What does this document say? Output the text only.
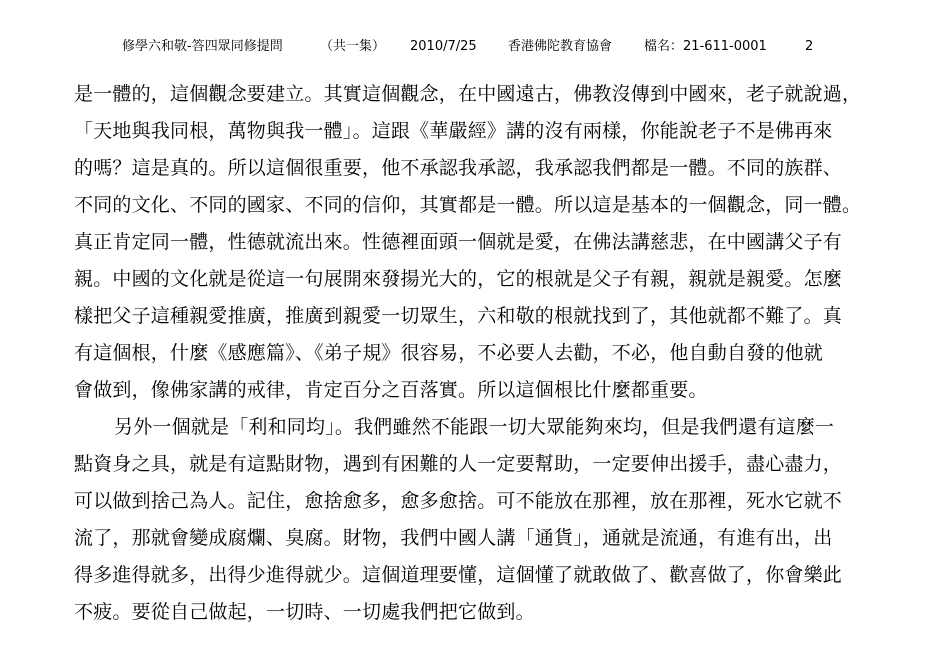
修學六和敬-答四眾同修提問	（共一集） 2010/7/25 香港佛陀教育協會 檔名：21-611-0001	2
是一體的，這個觀念要建立。其實這個觀念，在中國遠古，佛教沒傳到中國來，老子就說過，
「天地與我同根，萬物與我一體」。這跟《華嚴經》講的沒有兩樣，你能說老子不是佛再來
的嗎？這是真的。所以這個很重要，他不承認我承認，我承認我們都是一體。不同的族群、
不同的文化、不同的國家、不同的信仰，其實都是一體。所以這是基本的一個觀念，同一體。
真正肯定同一體，性德就流出來。性德裡面頭一個就是愛，在佛法講慈悲，在中國講父子有
親。中國的文化就是從這一句展開來發揚光大的，它的根就是父子有親，親就是親愛。怎麼
樣把父子這種親愛推廣，推廣到親愛一切眾生，六和敬的根就找到了，其他就都不難了。真
有這個根，什麼《感應篇》、《弟子規》很容易，不必要人去勸，不必，他自動自發的他就
會做到，像佛家講的戒律，肯定百分之百落實。所以這個根比什麼都重要。
另外一個就是「利和同均」。我們雖然不能跟一切大眾能夠來均，但是我們還有這麼一
點資身之具，就是有這點財物，遇到有困難的人一定要幫助，一定要伸出援手，盡心盡力，
可以做到捨己為人。記住，愈捨愈多，愈多愈捨。可不能放在那裡，放在那裡，死水它就不
流了，那就會變成腐爛、臭腐。財物，我們中國人講「通貨」，通就是流通，有進有出，出
得多進得就多，出得少進得就少。這個道理要懂，這個懂了就敢做了、歡喜做了，你會樂此
不疲。要從自己做起，一切時、一切處我們把它做到。
